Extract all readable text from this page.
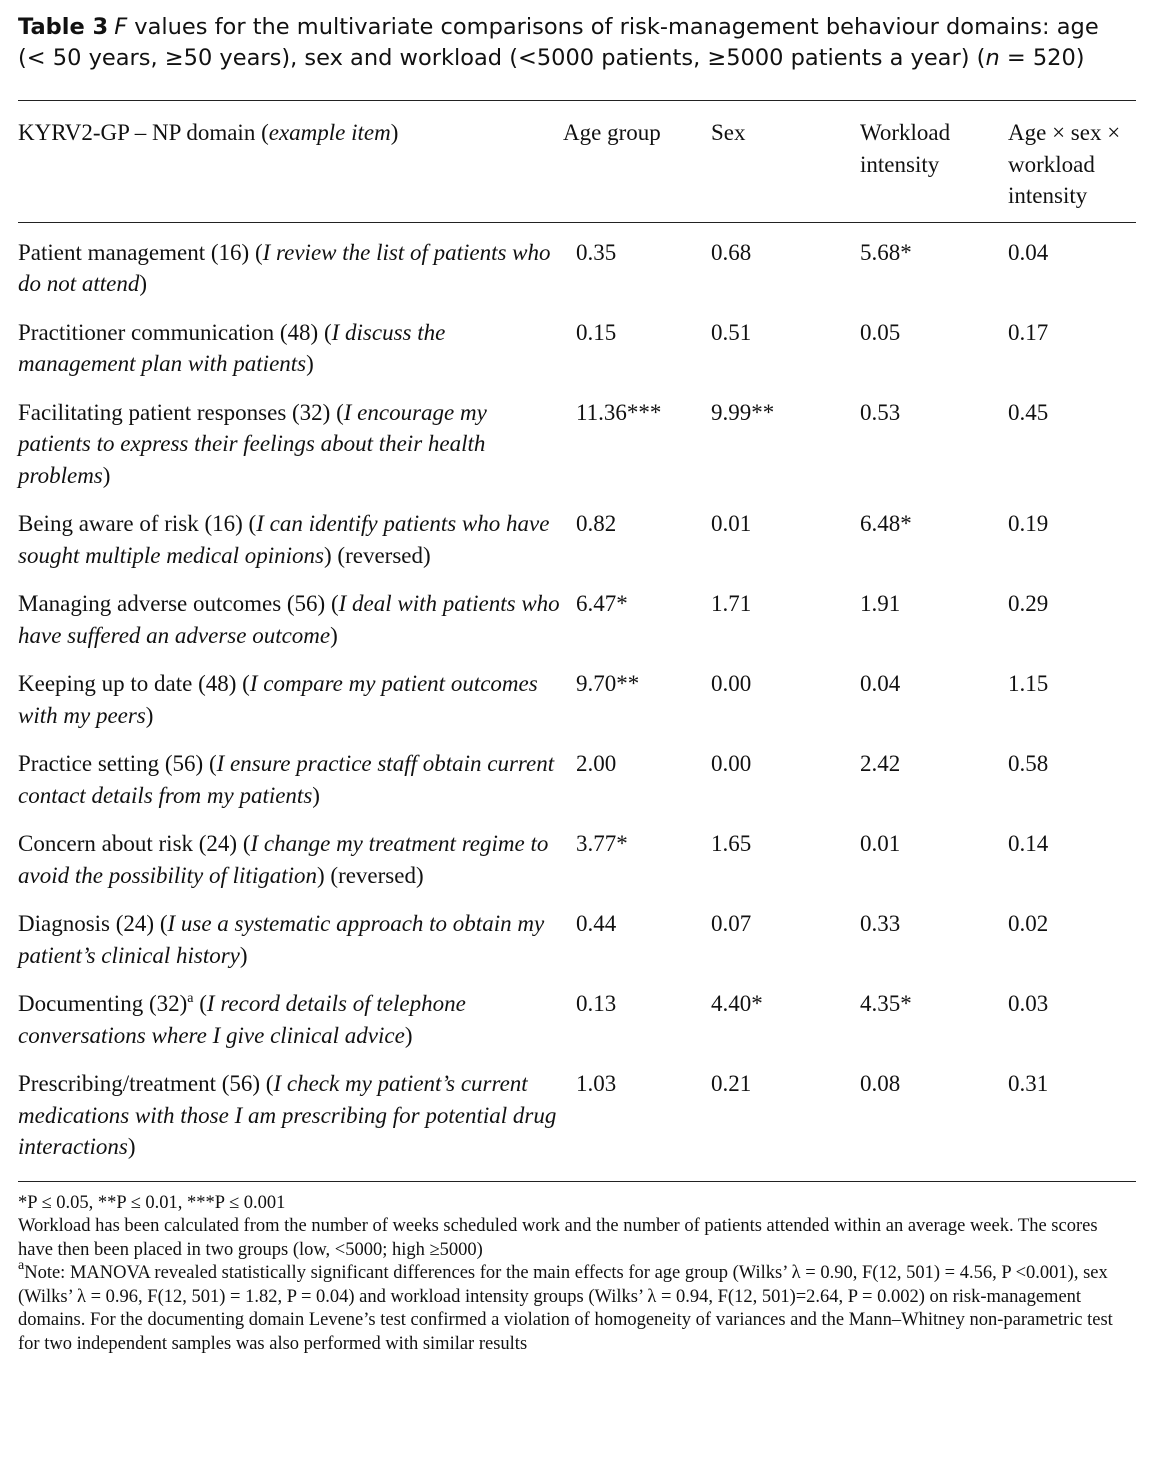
Table 3 F values for the multivariate comparisons of risk-management behaviour domains: age (< 50 years, ≥50 years), sex and workload (<5000 patients, ≥5000 patients a year) (n = 520)

KYRV2-GP – NP domain (example item)	Age group	Sex	Workload intensity	Age × sex × workload intensity
Patient management (16) (I review the list of patients who do not attend)	0.35	0.68	5.68*	0.04
Practitioner communication (48) (I discuss the management plan with patients)	0.15	0.51	0.05	0.17
Facilitating patient responses (32) (I encourage my patients to express their feelings about their health problems)	11.36***	9.99**	0.53	0.45
Being aware of risk (16) (I can identify patients who have sought multiple medical opinions) (reversed)	0.82	0.01	6.48*	0.19
Managing adverse outcomes (56) (I deal with patients who have suffered an adverse outcome)	6.47*	1.71	1.91	0.29
Keeping up to date (48) (I compare my patient outcomes with my peers)	9.70**	0.00	0.04	1.15
Practice setting (56) (I ensure practice staff obtain current contact details from my patients)	2.00	0.00	2.42	0.58
Concern about risk (24) (I change my treatment regime to avoid the possibility of litigation) (reversed)	3.77*	1.65	0.01	0.14
Diagnosis (24) (I use a systematic approach to obtain my patient’s clinical history)	0.44	0.07	0.33	0.02
Documenting $(32)^a$ (I record details of telephone conversations where I give clinical advice)	0.13	4.40*	4.35*	0.03
Prescribing/treatment (56) (I check my patient’s current medications with those I am prescribing for potential drug interactions)	1.03	0.21	0.08	0.31

*P ≤ 0.05, **P ≤ 0.01, ***P ≤ 0.001

Workload has been calculated from the number of weeks scheduled work and the number of patients attended within an average week. The scores have then been placed in two groups (low, <5000; high ≥5000)

$^a$Note: MANOVA revealed statistically significant differences for the main effects for age group (Wilks’ λ = 0.90, F(12, 501) = 4.56, P <0.001), sex (Wilks’ λ = 0.96, F(12, 501) = 1.82, P = 0.04) and workload intensity groups (Wilks’ λ = 0.94, F(12, 501)=2.64, P = 0.002) on risk-management domains. For the documenting domain Levene’s test confirmed a violation of homogeneity of variances and the Mann–Whitney non-parametric test for two independent samples was also performed with similar results
